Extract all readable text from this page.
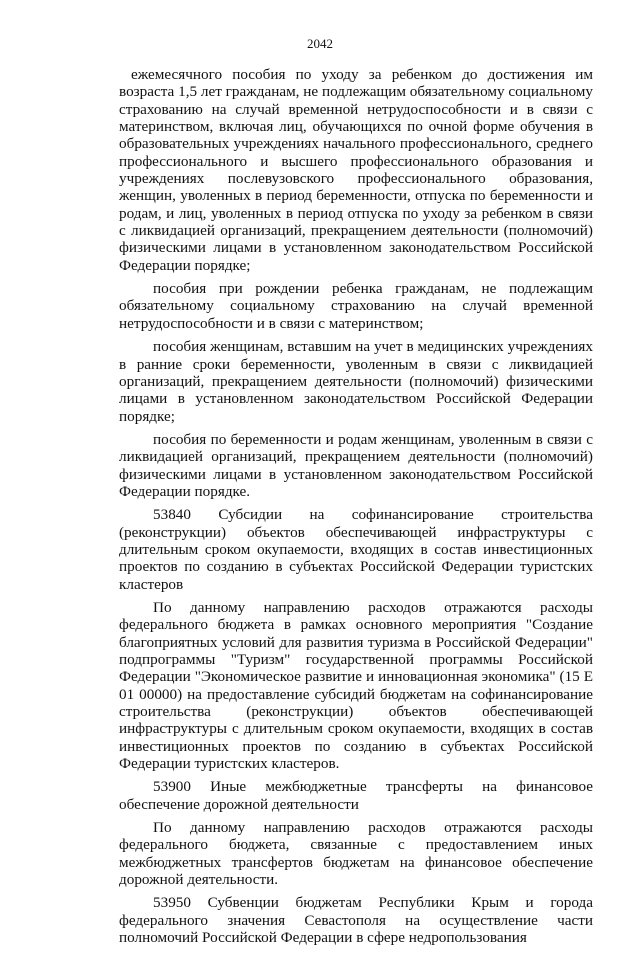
2042

ежемесячного пособия по уходу за ребенком до достижения им возраста 1,5 лет гражданам, не подлежащим обязательному социальному страхованию на случай временной нетрудоспособности и в связи с материнством, включая лиц, обучающихся по очной форме обучения в образовательных учреждениях начального профессионального, среднего профессионального и высшего профессионального образования и учреждениях послевузовского профессионального образования, женщин, уволенных в период беременности, отпуска по беременности и родам, и лиц, уволенных в период отпуска по уходу за ребенком в связи с ликвидацией организаций, прекращением деятельности (полномочий) физическими лицами в установленном законодательством Российской Федерации порядке;

пособия при рождении ребенка гражданам, не подлежащим обязательному социальному страхованию на случай временной нетрудоспособности и в связи с материнством;

пособия женщинам, вставшим на учет в медицинских учреждениях в ранние сроки беременности, уволенным в связи с ликвидацией организаций, прекращением деятельности (полномочий) физическими лицами в установленном законодательством Российской Федерации порядке;

пособия по беременности и родам женщинам, уволенным в связи с ликвидацией организаций, прекращением деятельности (полномочий) физическими лицами в установленном законодательством Российской Федерации порядке.

53840 Субсидии на софинансирование строительства (реконструкции) объектов обеспечивающей инфраструктуры с длительным сроком окупаемости, входящих в состав инвестиционных проектов по созданию в субъектах Российской Федерации туристских кластеров

По данному направлению расходов отражаются расходы федерального бюджета в рамках основного мероприятия "Создание благоприятных условий для развития туризма в Российской Федерации" подпрограммы "Туризм" государственной программы Российской Федерации "Экономическое развитие и инновационная экономика" (15 Е 01 00000) на предоставление субсидий бюджетам на софинансирование строительства (реконструкции) объектов обеспечивающей инфраструктуры с длительным сроком окупаемости, входящих в состав инвестиционных проектов по созданию в субъектах Российской Федерации туристских кластеров.

53900 Иные межбюджетные трансферты на финансовое обеспечение дорожной деятельности

По данному направлению расходов отражаются расходы федерального бюджета, связанные с предоставлением иных межбюджетных трансфертов бюджетам на финансовое обеспечение дорожной деятельности.

53950 Субвенции бюджетам Республики Крым и города федерального значения Севастополя на осуществление части полномочий Российской Федерации в сфере недропользования
